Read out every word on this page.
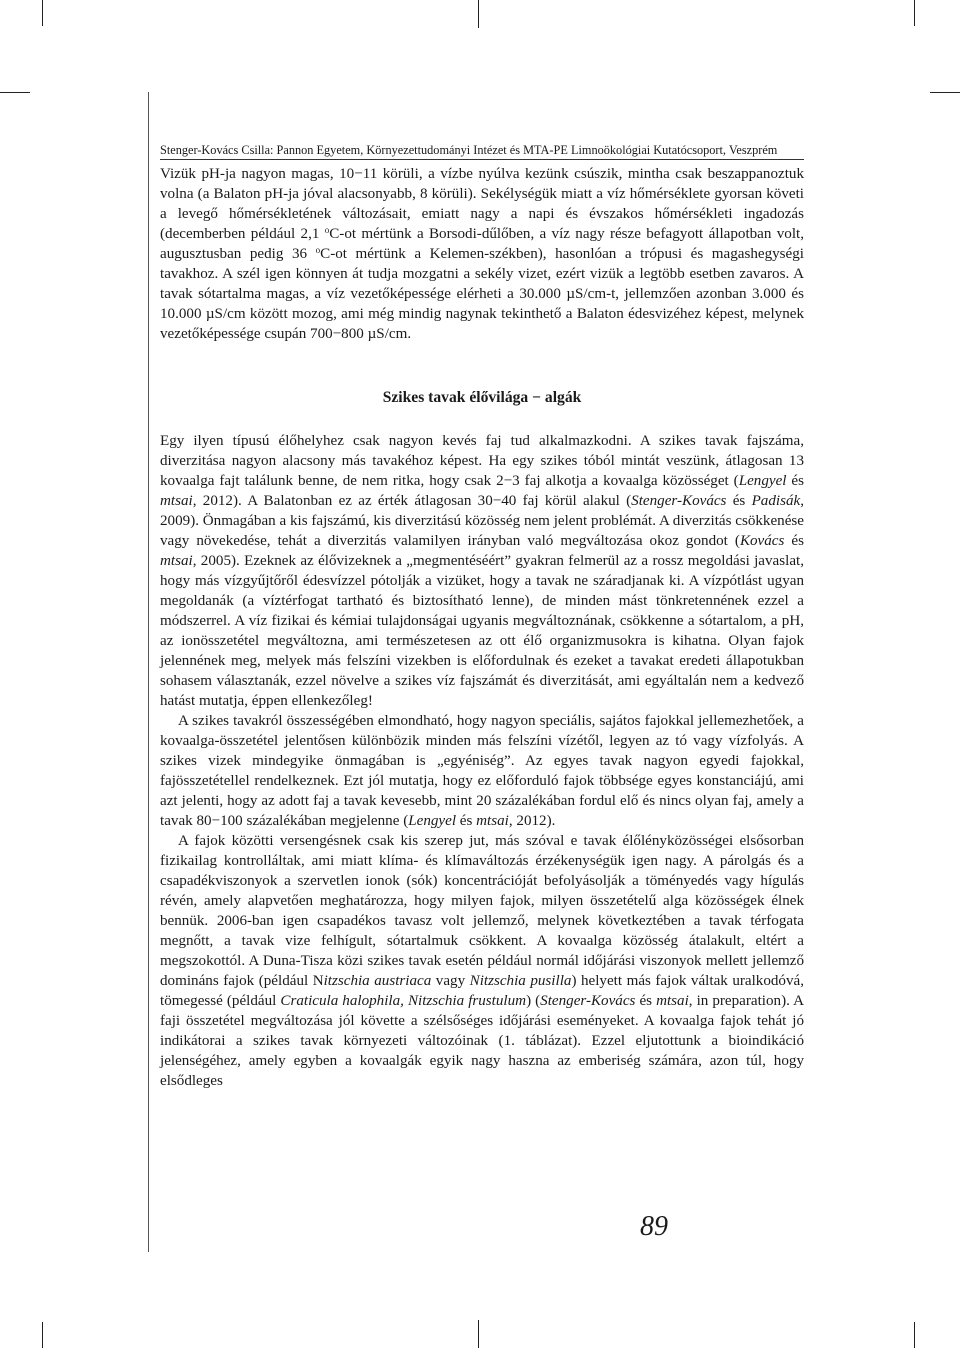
Stenger-Kovács Csilla: Pannon Egyetem, Környezettudományi Intézet és MTA-PE Limnoökológiai Kutatócsoport, Veszprém

Vizük pH-ja nagyon magas, 10−11 körüli, a vízbe nyúlva kezünk csúszik, mintha csak beszappanoztuk volna (a Balaton pH-ja jóval alacsonyabb, 8 körüli). Sekélységük miatt a víz hőmérséklete gyorsan követi a levegő hőmérsékletének változásait, emiatt nagy a napi és évszakos hőmérsékleti ingadozás (decemberben például 2,1 $^o$C-ot mértünk a Borsodi-dűlőben, a víz nagy része befagyott állapotban volt, augusztusban pedig 36 $^o$C-ot mértünk a Kelemen-székben), hasonlóan a trópusi és magashegységi tavakhoz. A szél igen könnyen át tudja mozgatni a sekély vizet, ezért vizük a legtöbb esetben zavaros. A tavak sótartalma magas, a víz vezetőképessége elérheti a 30.000 µS/cm-t, jellemzően azonban 3.000 és 10.000 µS/cm között mozog, ami még mindig nagynak tekinthető a Balaton édesvizéhez képest, melynek vezetőképessége csupán 700−800 µS/cm.

Szikes tavak élővilága − algák

Egy ilyen típusú élőhelyhez csak nagyon kevés faj tud alkalmazkodni. A szikes tavak fajszáma, diverzitása nagyon alacsony más tavakéhoz képest. Ha egy szikes tóból mintát veszünk, átlagosan 13 kovaalga fajt találunk benne, de nem ritka, hogy csak 2−3 faj alkotja a kovaalga közösséget (Lengyel és mtsai, 2012). A Balatonban ez az érték átlagosan 30−40 faj körül alakul (Stenger-Kovács és Padisák, 2009). Önmagában a kis fajszámú, kis diverzitású közösség nem jelent problémát. A diverzitás csökkenése vagy növekedése, tehát a diverzitás valamilyen irányban való megváltozása okoz gondot (Kovács és mtsai, 2005). Ezeknek az élővizeknek a „megmentéséért” gyakran felmerül az a rossz megoldási javaslat, hogy más vízgyűjtőről édesvízzel pótolják a vizüket, hogy a tavak ne száradjanak ki. A vízpótlást ugyan megoldanák (a víztérfogat tartható és biztosítható lenne), de minden mást tönkretennének ezzel a módszerrel. A víz fizikai és kémiai tulajdonságai ugyanis megváltoznának, csökkenne a sótartalom, a pH, az ionösszetétel megváltozna, ami természetesen az ott élő organizmusokra is kihatna. Olyan fajok jelennének meg, melyek más felszíni vizekben is előfordulnak és ezeket a tavakat eredeti állapotukban sohasem választanák, ezzel növelve a szikes víz fajszámát és diverzitását, ami egyáltalán nem a kedvező hatást mutatja, éppen ellenkezőleg!

A szikes tavakról összességében elmondható, hogy nagyon speciális, sajátos fajokkal jellemezhetőek, a kovaalga-összetétel jelentősen különbözik minden más felszíni vízétől, legyen az tó vagy vízfolyás. A szikes vizek mindegyike önmagában is „egyéniség”. Az egyes tavak nagyon egyedi fajokkal, fajösszetétellel rendelkeznek. Ezt jól mutatja, hogy ez előforduló fajok többsége egyes konstanciájú, ami azt jelenti, hogy az adott faj a tavak kevesebb, mint 20 százalékában fordul elő és nincs olyan faj, amely a tavak 80−100 százalékában megjelenne (Lengyel és mtsai, 2012).

A fajok közötti versengésnek csak kis szerep jut, más szóval e tavak élőlényközösségei elsősorban fizikailag kontrolláltak, ami miatt klíma- és klímaváltozás érzékenységük igen nagy. A párolgás és a csapadékviszonyok a szervetlen ionok (sók) koncentrációját befolyásolják a töményedés vagy hígulás révén, amely alapvetően meghatározza, hogy milyen fajok, milyen összetételű alga közösségek élnek bennük. 2006-ban igen csapadékos tavasz volt jellemző, melynek következtében a tavak térfogata megnőtt, a tavak vize felhígult, sótartalmuk csökkent. A kovaalga közösség átalakult, eltért a megszokottól. A Duna-Tisza közi szikes tavak esetén például normál időjárási viszonyok mellett jellemző domináns fajok (például Nitzschia austriaca vagy Nitzschia pusilla) helyett más fajok váltak uralkodóvá, tömegessé (például Craticula halophila, Nitzschia frustulum) (Stenger-Kovács és mtsai, in preparation). A faji összetétel megváltozása jól követte a szélsőséges időjárási eseményeket. A kovaalga fajok tehát jó indikátorai a szikes tavak környezeti változóinak (1. táblázat). Ezzel eljutottunk a bioindikáció jelenségéhez, amely egyben a kovaalgák egyik nagy haszna az emberiség számára, azon túl, hogy elsődleges

89
